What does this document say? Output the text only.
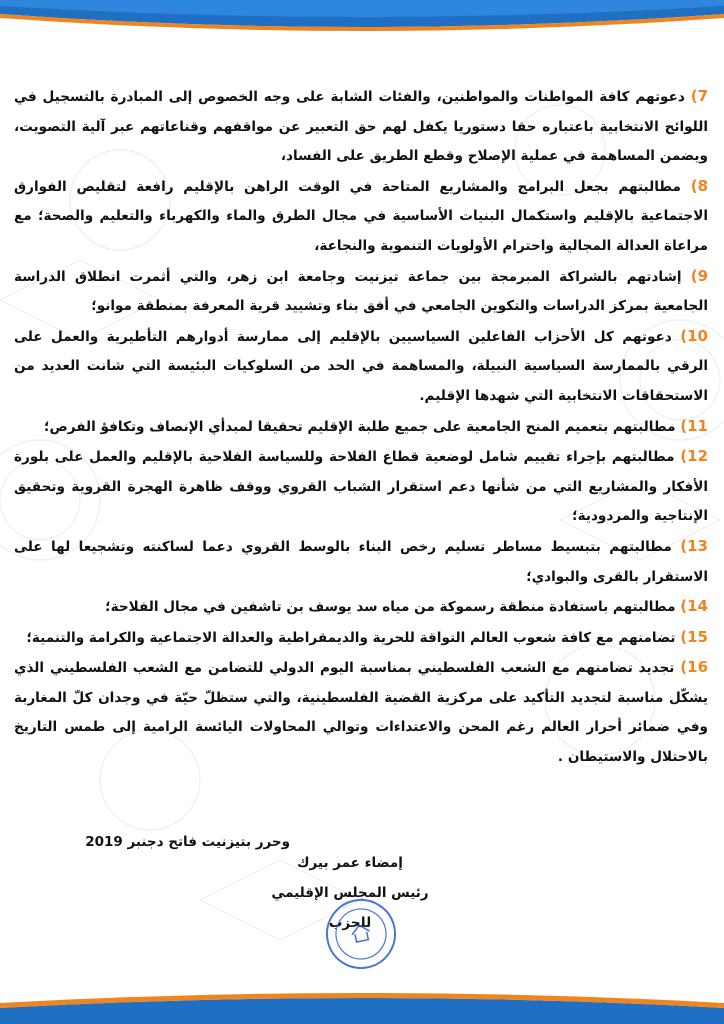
7) دعوتهم كافة المواطنات والمواطنين، والفئات الشابة على وجه الخصوص إلى المبادرة بالتسجيل في اللوائح الانتخابية باعتباره حقا دستوريا يكفل لهم حق التعبير عن مواقفهم وقناعاتهم عبر آلية التصويت، ويضمن المساهمة في عملية الإصلاح وقطع الطريق على الفساد،
8) مطالبتهم بجعل البرامج والمشاريع المتاحة في الوقت الراهن بالإقليم رافعة لتقليص الفوارق الاجتماعية بالإقليم واستكمال البنيات الأساسية في مجال الطرق والماء والكهرباء والتعليم والصحة؛ مع مراعاة العدالة المجالية واحترام الأولويات التنموية والنجاعة،
9) إشادتهم بالشراكة المبرمجة بين جماعة تيزنيت وجامعة ابن زهر، والتي أثمرت انطلاق الدراسة الجامعية بمركز الدراسات والتكوين الجامعي في أفق بناء وتشييد قرية المعرفة بمنطقة موانو؛
10) دعوتهم كل الأحزاب الفاعلين السياسيين بالإقليم إلى ممارسة أدوارهم التأطيرية والعمل على الرقي بالممارسة السياسية النبيلة، والمساهمة في الحد من السلوكيات البئيسة التي شانت العديد من الاستحقاقات الانتخابية التي شهدها الإقليم.
11) مطالبتهم بتعميم المنح الجامعية على جميع طلبة الإقليم تحقيقا لمبدأي الإنصاف وتكافؤ الفرص؛
12) مطالبتهم بإجراء تقييم شامل لوضعية قطاع الفلاحة وللسياسة الفلاحية بالإقليم والعمل على بلورة الأفكار والمشاريع التي من شأنها دعم استقرار الشباب القروي ووقف ظاهرة الهجرة القروية وتحقيق الإنتاجية والمردودية؛
13) مطالبتهم بتبسيط مساطر تسليم رخص البناء بالوسط القروي دعما لساكنته وتشجيعا لها على الاستقرار بالقرى والبوادي؛
14) مطالبتهم باستفادة منطقة رسموكة من مياه سد يوسف بن تاشفين في مجال الفلاحة؛
15) تضامنهم مع كافة شعوب العالم التواقة للحرية والديمقراطية والعدالة الاجتماعية والكرامة والتنمية؛
16) تجديد تضامنهم مع الشعب الفلسطيني بمناسبة اليوم الدولي للتضامن مع الشعب الفلسطيني الذي يشكّل مناسبة لتجديد التأكيد على مركزية القضية الفلسطينية، والتي ستظلّ حيّة في وجدان كلّ المغاربة وفي ضمائر أحرار العالم رغم المحن والاعتداءات وتوالي المحاولات اليائسة الرامية إلى طمس التاريخ بالاحتلال والاستيطان .
وحرر بتيزنيت فاتح دجنبر 2019
إمضاء عمر بيرك
رئيس المجلس الإقليمي للحزب
